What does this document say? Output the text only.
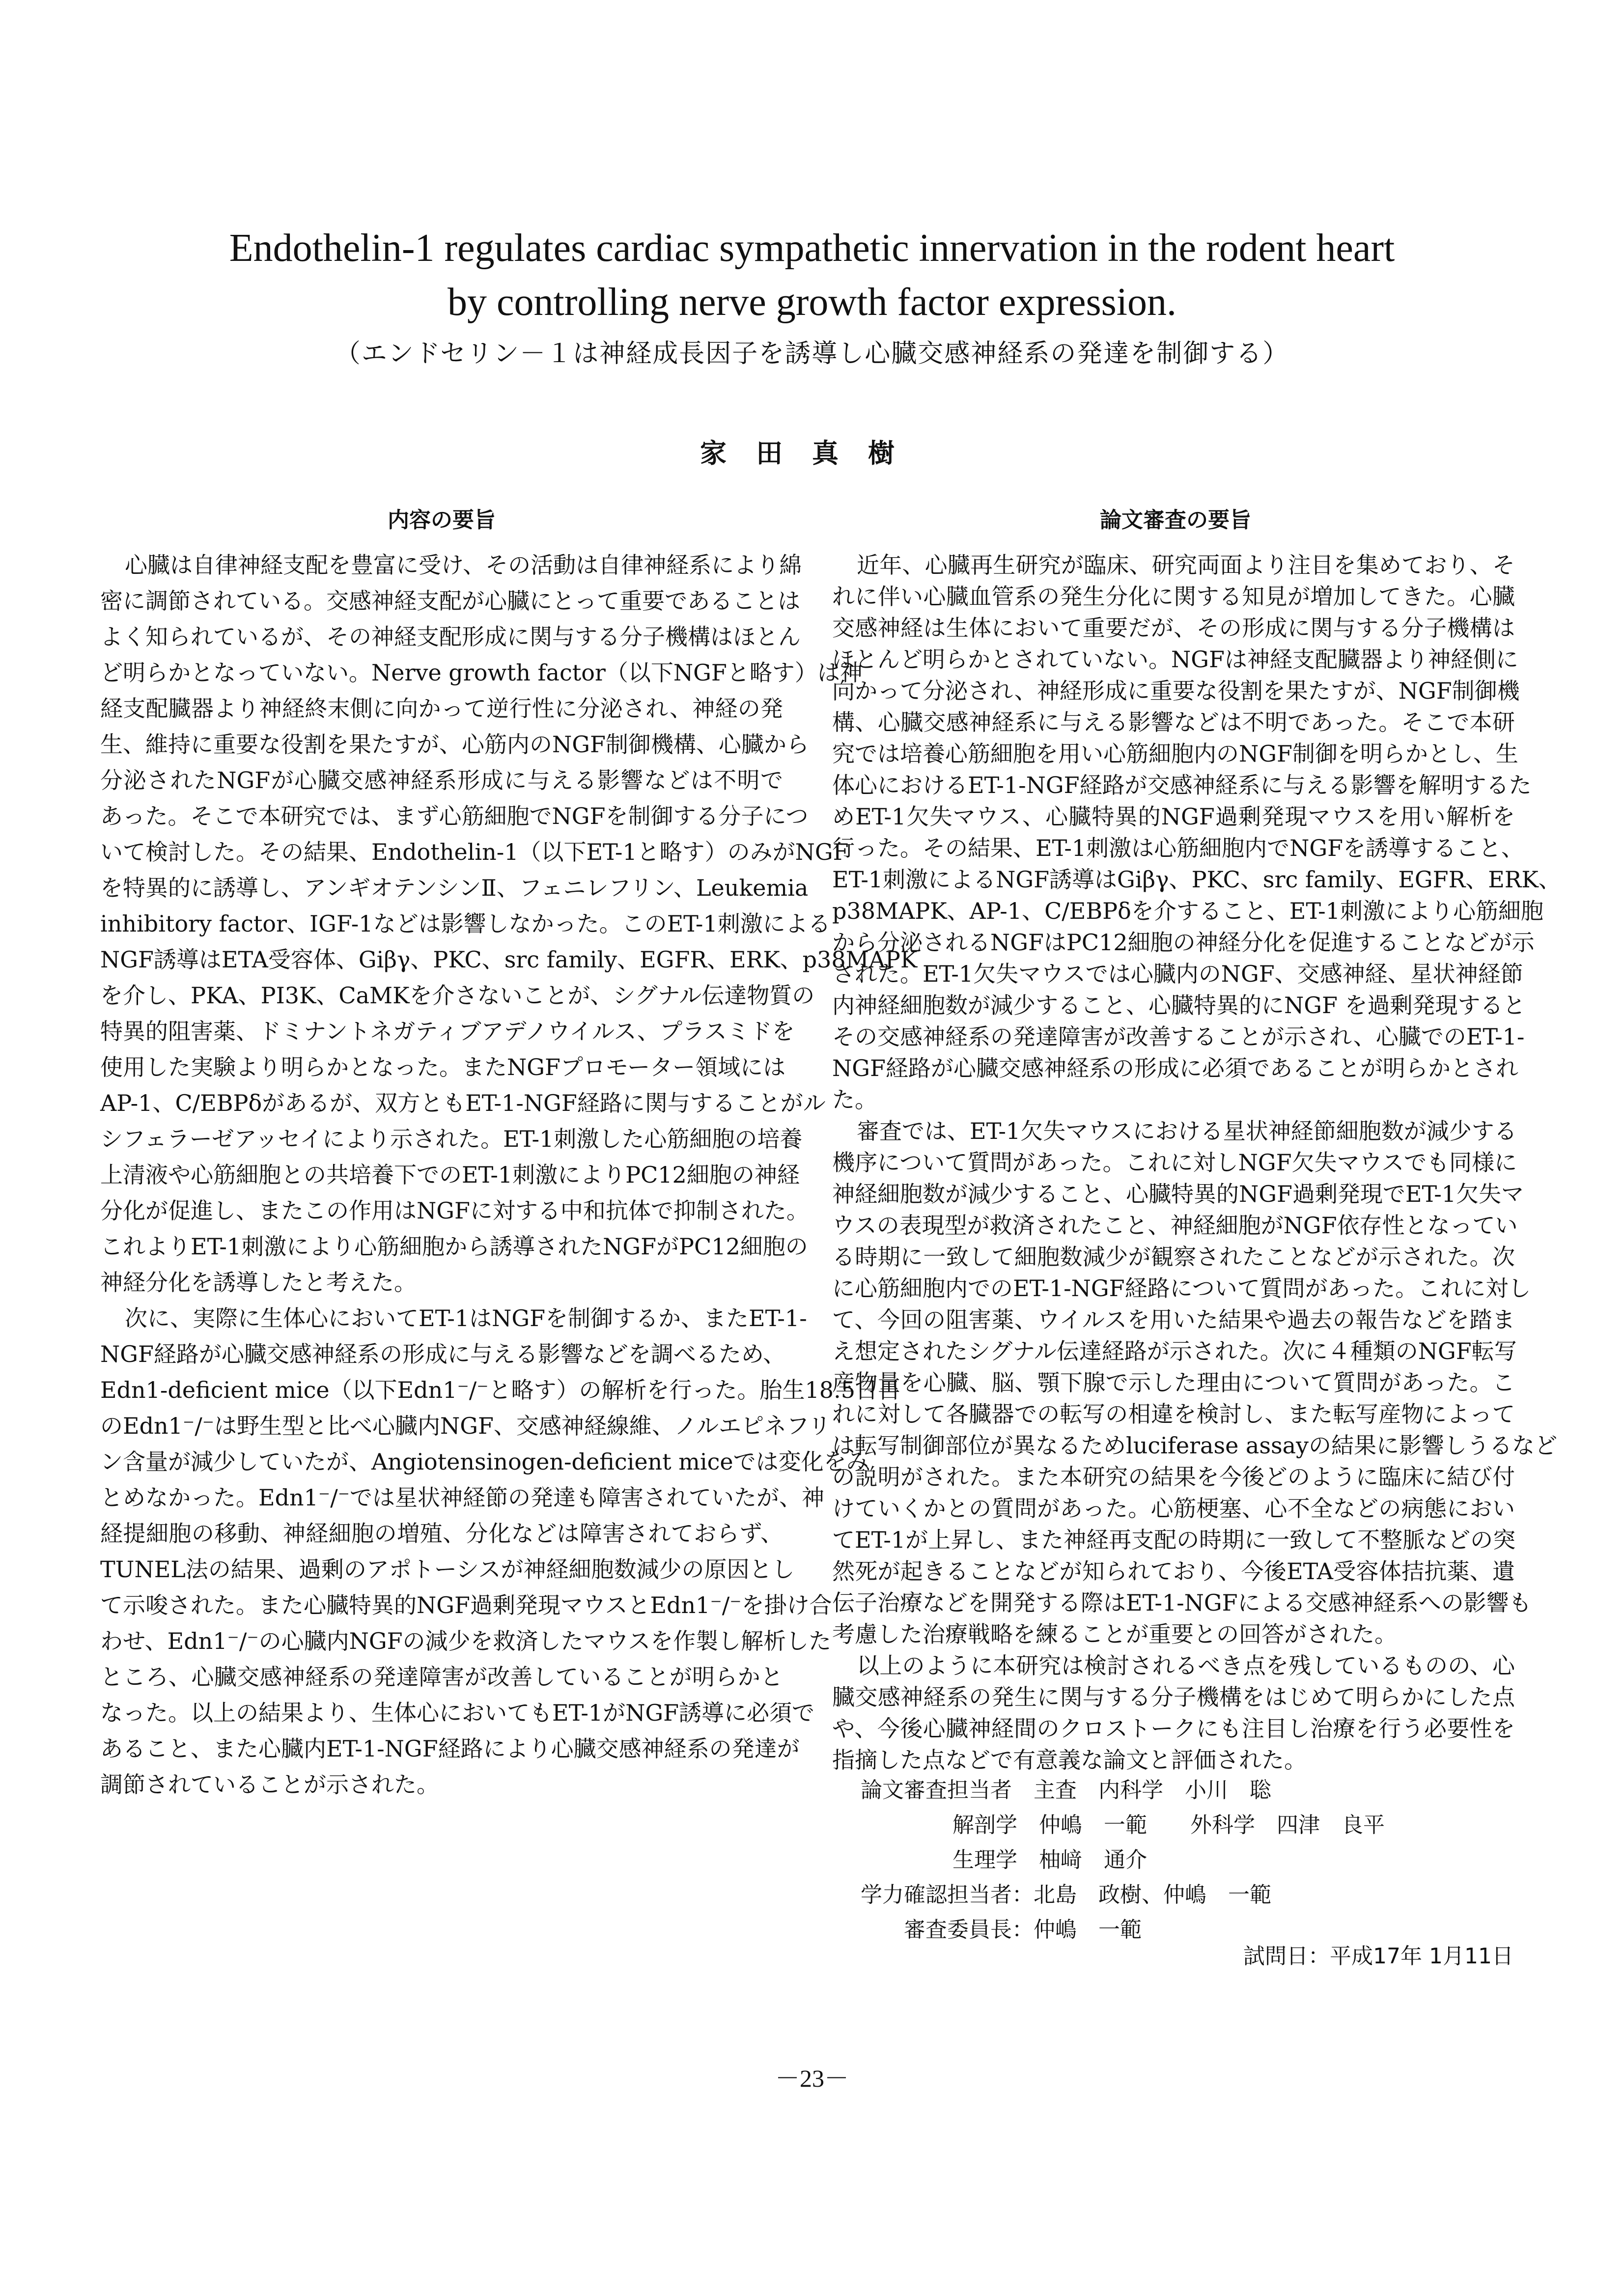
Endothelin-1 regulates cardiac sympathetic innervation in the rodent heart
by controlling nerve growth factor expression.
（エンドセリン－１は神経成長因子を誘導し心臓交感神経系の発達を制御する）
家田真樹
内容の要旨	論文審査の要旨
心臓は自律神経支配を豊富に受け、その活動は自律神経系により綿
密に調節されている。交感神経支配が心臓にとって重要であることは
よく知られているが、その神経支配形成に関与する分子機構はほとん
ど明らかとなっていない。Nerve growth factor（以下NGFと略す）は神
経支配臓器より神経終末側に向かって逆行性に分泌され、神経の発
生、維持に重要な役割を果たすが、心筋内のNGF制御機構、心臓から
分泌されたNGFが心臓交感神経系形成に与える影響などは不明で
あった。そこで本研究では、まず心筋細胞でNGFを制御する分子につ
いて検討した。その結果、Endothelin-1（以下ET-1と略す）のみがNGF
を特異的に誘導し、アンギオテンシンⅡ、フェニレフリン、Leukemia
inhibitory factor、IGF-1などは影響しなかった。このET-1刺激による
NGF誘導はETA受容体、Giβγ、PKC、src family、EGFR、ERK、p38MAPK
を介し、PKA、PI3K、CaMKを介さないことが、シグナル伝達物質の
特異的阻害薬、ドミナントネガティブアデノウイルス、プラスミドを
使用した実験より明らかとなった。またNGFプロモーター領域には
AP-1、C/EBPδがあるが、双方ともET-1-NGF経路に関与することがル
シフェラーゼアッセイにより示された。ET-1刺激した心筋細胞の培養
上清液や心筋細胞との共培養下でのET-1刺激によりPC12細胞の神経
分化が促進し、またこの作用はNGFに対する中和抗体で抑制された。
これよりET-1刺激により心筋細胞から誘導されたNGFがPC12細胞の
神経分化を誘導したと考えた。
次に、実際に生体心においてET-1はNGFを制御するか、またET-1-
NGF経路が心臓交感神経系の形成に与える影響などを調べるため、
Edn1-deficient mice（以下Edn1⁻/⁻と略す）の解析を行った。胎生18.5日目
のEdn1⁻/⁻は野生型と比べ心臓内NGF、交感神経線維、ノルエピネフリ
ン含量が減少していたが、Angiotensinogen-deficient miceでは変化をみ
とめなかった。Edn1⁻/⁻では星状神経節の発達も障害されていたが、神
経提細胞の移動、神経細胞の増殖、分化などは障害されておらず、
TUNEL法の結果、過剰のアポトーシスが神経細胞数減少の原因とし
て示唆された。また心臓特異的NGF過剰発現マウスとEdn1⁻/⁻を掛け合
わせ、Edn1⁻/⁻の心臓内NGFの減少を救済したマウスを作製し解析した
ところ、心臓交感神経系の発達障害が改善していることが明らかと
なった。以上の結果より、生体心においてもET-1がNGF誘導に必須で
あること、また心臓内ET-1-NGF経路により心臓交感神経系の発達が
調節されていることが示された。
近年、心臓再生研究が臨床、研究両面より注目を集めており、そ
れに伴い心臓血管系の発生分化に関する知見が増加してきた。心臓
交感神経は生体において重要だが、その形成に関与する分子機構は
ほとんど明らかとされていない。NGFは神経支配臓器より神経側に
向かって分泌され、神経形成に重要な役割を果たすが、NGF制御機
構、心臓交感神経系に与える影響などは不明であった。そこで本研
究では培養心筋細胞を用い心筋細胞内のNGF制御を明らかとし、生
体心におけるET-1-NGF経路が交感神経系に与える影響を解明するた
めET-1欠失マウス、心臓特異的NGF過剰発現マウスを用い解析を
行った。その結果、ET-1刺激は心筋細胞内でNGFを誘導すること、
ET-1刺激によるNGF誘導はGiβγ、PKC、src family、EGFR、ERK、
p38MAPK、AP-1、C/EBPδを介すること、ET-1刺激により心筋細胞
から分泌されるNGFはPC12細胞の神経分化を促進することなどが示
された。ET-1欠失マウスでは心臓内のNGF、交感神経、星状神経節
内神経細胞数が減少すること、心臓特異的にNGF を過剰発現すると
その交感神経系の発達障害が改善することが示され、心臓でのET-1-
NGF経路が心臓交感神経系の形成に必須であることが明らかとされ
た。
審査では、ET-1欠失マウスにおける星状神経節細胞数が減少する
機序について質問があった。これに対しNGF欠失マウスでも同様に
神経細胞数が減少すること、心臓特異的NGF過剰発現でET-1欠失マ
ウスの表現型が救済されたこと、神経細胞がNGF依存性となってい
る時期に一致して細胞数減少が観察されたことなどが示された。次
に心筋細胞内でのET-1-NGF経路について質問があった。これに対し
て、今回の阻害薬、ウイルスを用いた結果や過去の報告などを踏ま
え想定されたシグナル伝達経路が示された。次に４種類のNGF転写
産物量を心臓、脳、顎下腺で示した理由について質問があった。こ
れに対して各臓器での転写の相違を検討し、また転写産物によって
は転写制御部位が異なるためluciferase assayの結果に影響しうるなど
の説明がされた。また本研究の結果を今後どのように臨床に結び付
けていくかとの質問があった。心筋梗塞、心不全などの病態におい
てET-1が上昇し、また神経再支配の時期に一致して不整脈などの突
然死が起きることなどが知られており、今後ETA受容体拮抗薬、遺
伝子治療などを開発する際はET-1-NGFによる交感神経系への影響も
考慮した治療戦略を練ることが重要との回答がされた。
以上のように本研究は検討されるべき点を残しているものの、心
臓交感神経系の発生に関与する分子機構をはじめて明らかにした点
や、今後心臓神経間のクロストークにも注目し治療を行う必要性を
指摘した点などで有意義な論文と評価された。
論文審査担当者　主査　内科学　小川　聡
解剖学　仲嶋　一範　　外科学　四津　良平
生理学　柚﨑　通介
学力確認担当者：北島　政樹、仲嶋　一範
審査委員長：仲嶋　一範
試問日：平成17年 1月11日
－23－
